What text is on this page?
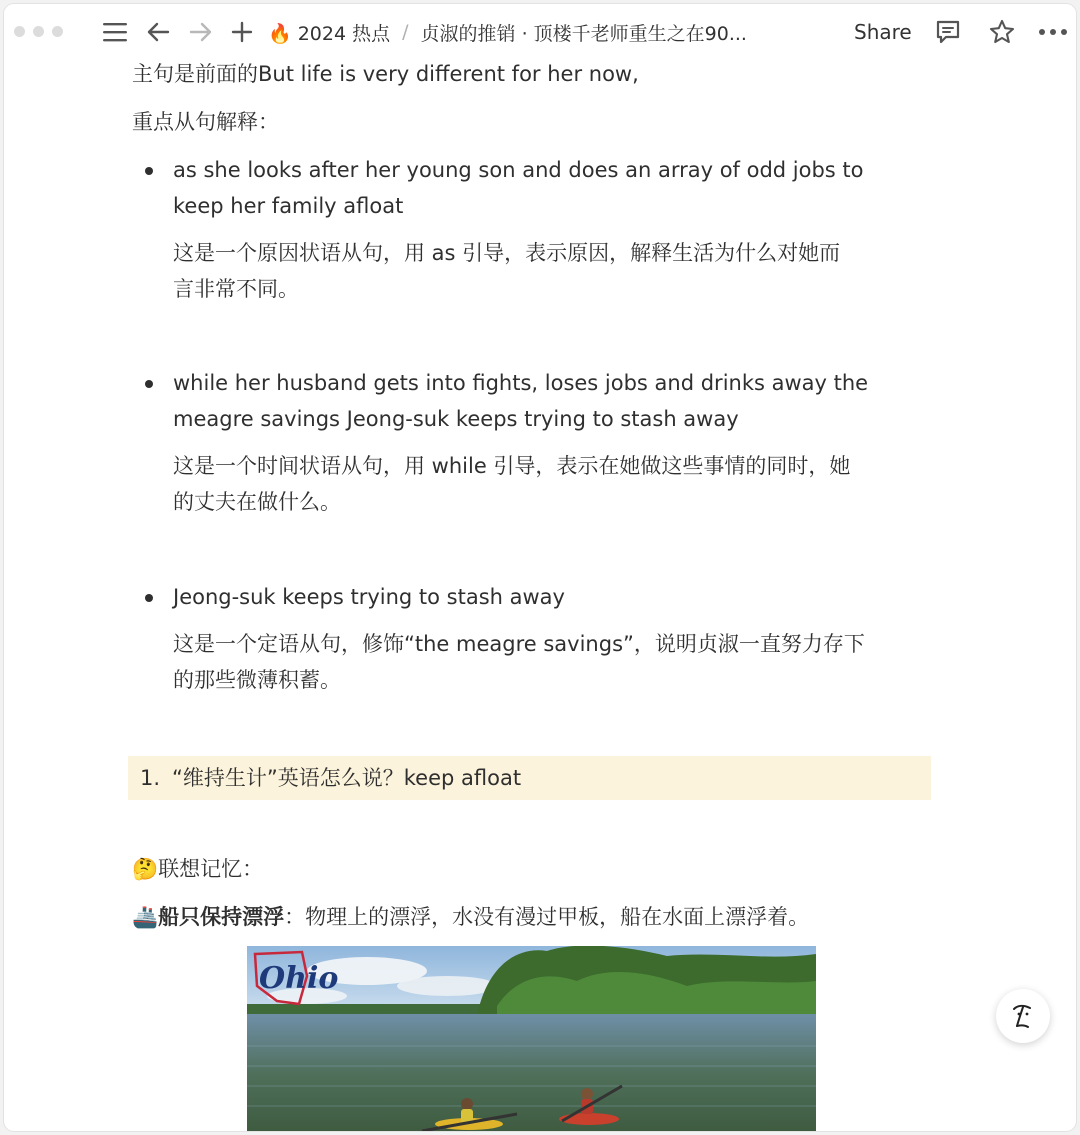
🔥 2024 热点 / 贞淑的推销 · 顶楼千老师重生之在90...	Share
主句是前面的But life is very different for her now,
重点从句解释：
as she looks after her young son and does an array of odd jobs to
keep her family afloat
这是一个原因状语从句，用 as 引导，表示原因，解释生活为什么对她而
言非常不同。
while her husband gets into fights, loses jobs and drinks away the
meagre savings Jeong-suk keeps trying to stash away
这是一个时间状语从句，用 while 引导，表示在她做这些事情的同时，她
的丈夫在做什么。
Jeong-suk keeps trying to stash away
这是一个定语从句，修饰“the meagre savings”，说明贞淑一直努力存下
的那些微薄积蓄。
1. “维持生计”英语怎么说？keep afloat
🤔联想记忆：
🚢船只保持漂浮：物理上的漂浮，水没有漫过甲板，船在水面上漂浮着。
Ohio
